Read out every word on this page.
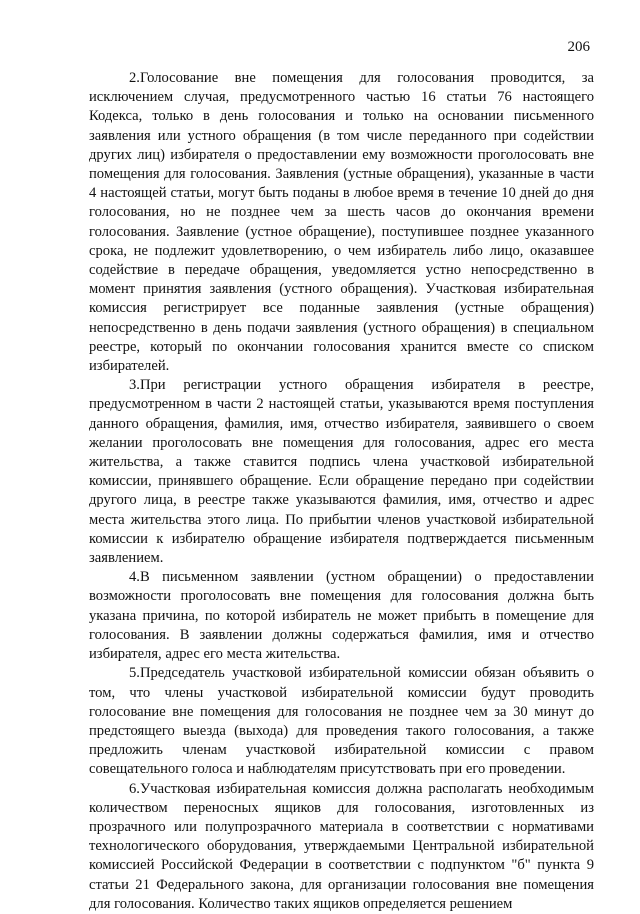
206

2.Голосование вне помещения для голосования проводится, за исключением случая, предусмотренного частью 16 статьи 76 настоящего Кодекса, только в день голосования и только на основании письменного заявления или устного обращения (в том числе переданного при содействии других лиц) избирателя о предоставлении ему возможности проголосовать вне помещения для голосования. Заявления (устные обращения), указанные в части 4 настоящей статьи, могут быть поданы в любое время в течение 10 дней до дня голосования, но не позднее чем за шесть часов до окончания времени голосования. Заявление (устное обращение), поступившее позднее указанного срока, не подлежит удовлетворению, о чем избиратель либо лицо, оказавшее содействие в передаче обращения, уведомляется устно непосредственно в момент принятия заявления (устного обращения). Участковая избирательная комиссия регистрирует все поданные заявления (устные обращения) непосредственно в день подачи заявления (устного обращения) в специальном реестре, который по окончании голосования хранится вместе со списком избирателей.

3.При регистрации устного обращения избирателя в реестре, предусмотренном в части 2 настоящей статьи, указываются время поступления данного обращения, фамилия, имя, отчество избирателя, заявившего о своем желании проголосовать вне помещения для голосования, адрес его места жительства, а также ставится подпись члена участковой избирательной комиссии, принявшего обращение. Если обращение передано при содействии другого лица, в реестре также указываются фамилия, имя, отчество и адрес места жительства этого лица. По прибытии членов участковой избирательной комиссии к избирателю обращение избирателя подтверждается письменным заявлением.

4.В письменном заявлении (устном обращении) о предоставлении возможности проголосовать вне помещения для голосования должна быть указана причина, по которой избиратель не может прибыть в помещение для голосования. В заявлении должны содержаться фамилия, имя и отчество избирателя, адрес его места жительства.

5.Председатель участковой избирательной комиссии обязан объявить о том, что члены участковой избирательной комиссии будут проводить голосование вне помещения для голосования не позднее чем за 30 минут до предстоящего выезда (выхода) для проведения такого голосования, а также предложить членам участковой избирательной комиссии с правом совещательного голоса и наблюдателям присутствовать при его проведении.

6.Участковая избирательная комиссия должна располагать необходимым количеством переносных ящиков для голосования, изготовленных из прозрачного или полупрозрачного материала в соответствии с нормативами технологического оборудования, утверждаемыми Центральной избирательной комиссией Российской Федерации в соответствии с подпунктом "б" пункта 9 статьи 21 Федерального закона, для организации голосования вне помещения для голосования. Количество таких ящиков определяется решением
